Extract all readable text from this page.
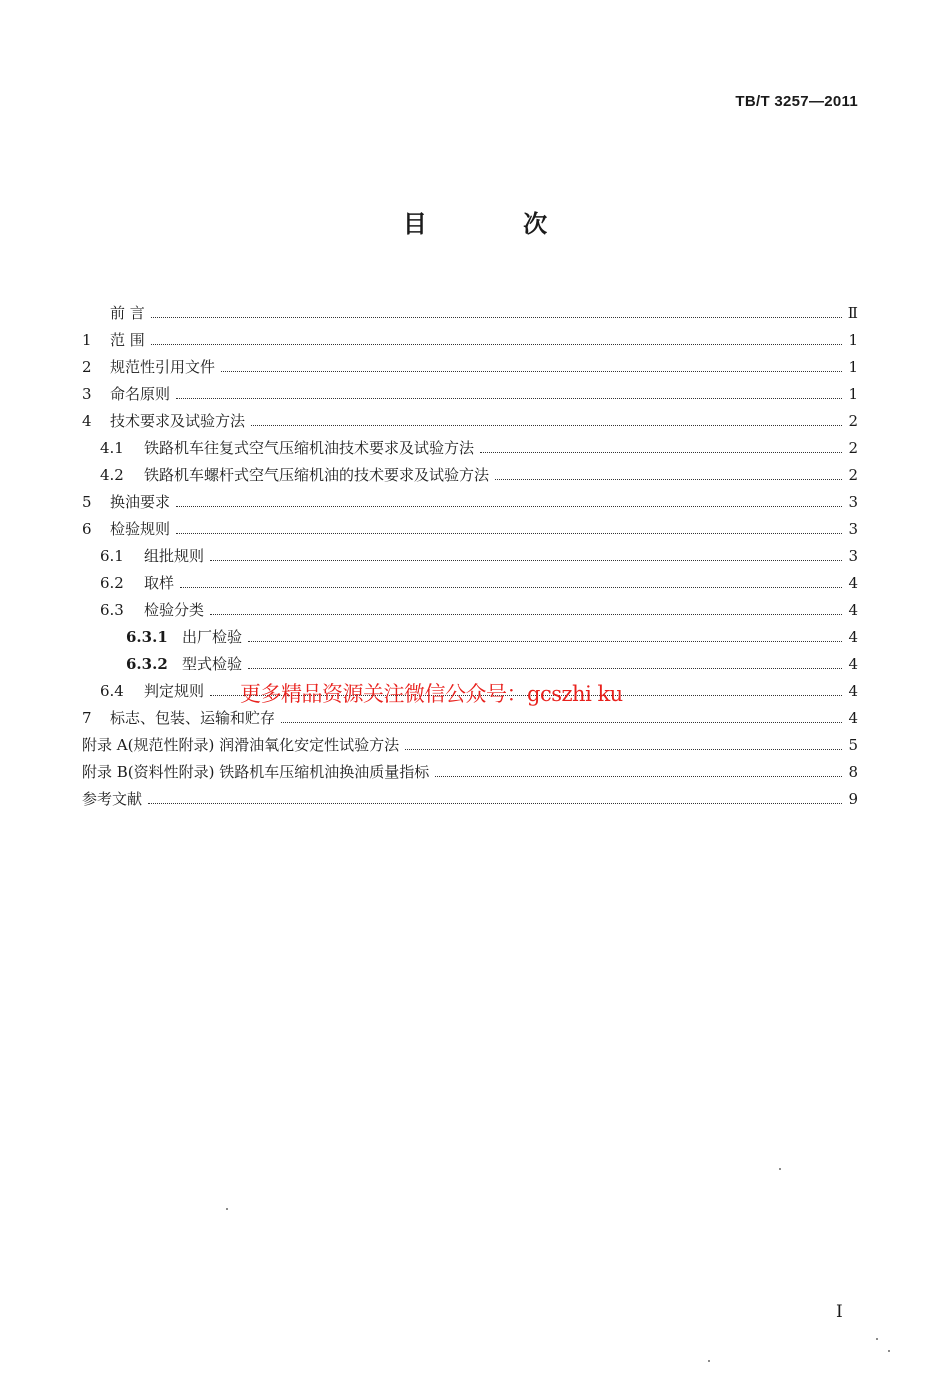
TB/T 3257—2011
目 次
前 言	Ⅱ
1	范 围	1
2	规范性引用文件	1
3	命名原则	1
4	技术要求及试验方法	2
4.1	铁路机车往复式空气压缩机油技术要求及试验方法	2
4.2	铁路机车螺杆式空气压缩机油的技术要求及试验方法	2
5	换油要求	3
6	检验规则	3
6.1	组批规则	3
6.2	取样	4
6.3	检验分类	4
6.3.1 出厂检验	4
6.3.2 型式检验	4
6.4	判定规则	4
7	标志、包装、运输和贮存	4
附录 A(规范性附录) 润滑油氧化安定性试验方法	5
附录 B(资料性附录) 铁路机车压缩机油换油质量指标	8
参考文献	9
更多精品资源关注微信公众号：gcszhi ku
I
